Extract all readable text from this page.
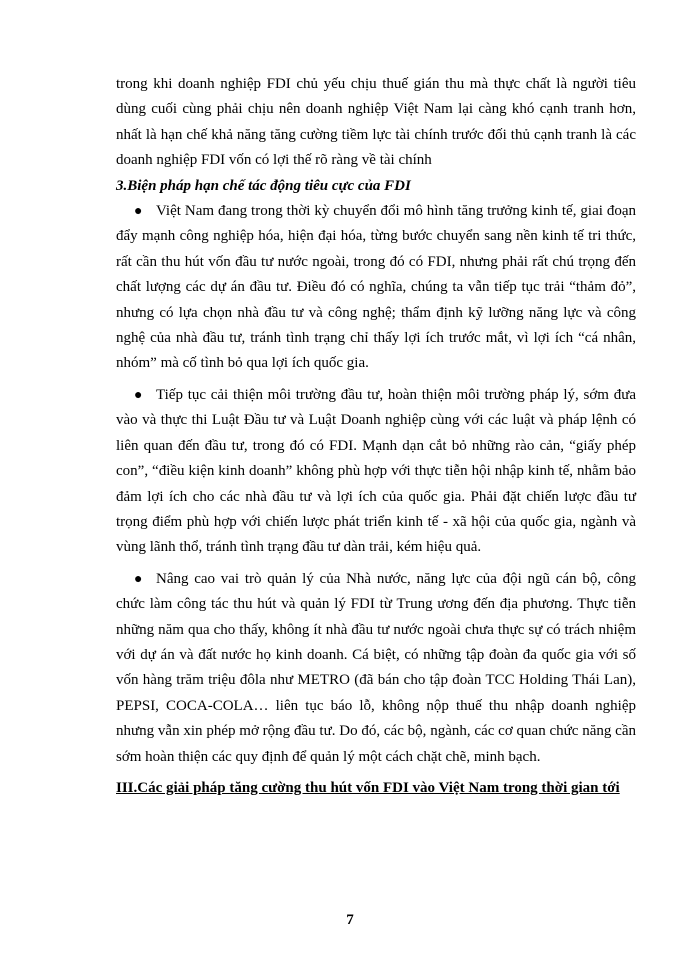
trong khi doanh nghiệp FDI chủ yếu chịu thuế gián thu mà thực chất là người tiêu dùng cuối cùng phải chịu nên doanh nghiệp Việt Nam lại càng khó cạnh tranh hơn, nhất là hạn chế khả năng tăng cường tiềm lực tài chính trước đối thủ cạnh tranh là các doanh nghiệp FDI vốn có lợi thế rõ ràng về tài chính

3.Biện pháp hạn chế tác động tiêu cực của FDI

● Việt Nam đang trong thời kỳ chuyển đổi mô hình tăng trưởng kinh tế, giai đoạn đẩy mạnh công nghiệp hóa, hiện đại hóa, từng bước chuyển sang nền kinh tế tri thức, rất cần thu hút vốn đầu tư nước ngoài, trong đó có FDI, nhưng phải rất chú trọng đến chất lượng các dự án đầu tư. Điều đó có nghĩa, chúng ta vẫn tiếp tục trải “thảm đỏ”, nhưng có lựa chọn nhà đầu tư và công nghệ; thẩm định kỹ lưỡng năng lực và công nghệ của nhà đầu tư, tránh tình trạng chỉ thấy lợi ích trước mắt, vì lợi ích “cá nhân, nhóm” mà cố tình bỏ qua lợi ích quốc gia.

● Tiếp tục cải thiện môi trường đầu tư, hoàn thiện môi trường pháp lý, sớm đưa vào và thực thi Luật Đầu tư và Luật Doanh nghiệp cùng với các luật và pháp lệnh có liên quan đến đầu tư, trong đó có FDI. Mạnh dạn cắt bỏ những rào cản, “giấy phép con”, “điều kiện kinh doanh” không phù hợp với thực tiễn hội nhập kinh tế, nhằm bảo đảm lợi ích cho các nhà đầu tư và lợi ích của quốc gia. Phải đặt chiến lược đầu tư trọng điểm phù hợp với chiến lược phát triển kinh tế - xã hội của quốc gia, ngành và vùng lãnh thổ, tránh tình trạng đầu tư dàn trải, kém hiệu quả.

● Nâng cao vai trò quản lý của Nhà nước, năng lực của đội ngũ cán bộ, công chức làm công tác thu hút và quản lý FDI từ Trung ương đến địa phương. Thực tiễn những năm qua cho thấy, không ít nhà đầu tư nước ngoài chưa thực sự có trách nhiệm với dự án và đất nước họ kinh doanh. Cá biệt, có những tập đoàn đa quốc gia với số vốn hàng trăm triệu đôla như METRO (đã bán cho tập đoàn TCC Holding Thái Lan), PEPSI, COCA-COLA… liên tục báo lỗ, không nộp thuế thu nhập doanh nghiệp nhưng vẫn xin phép mở rộng đầu tư. Do đó, các bộ, ngành, các cơ quan chức năng cần sớm hoàn thiện các quy định để quản lý một cách chặt chẽ, minh bạch.

III.Các giải pháp tăng cường thu hút vốn FDI vào Việt Nam trong thời gian tới

7
